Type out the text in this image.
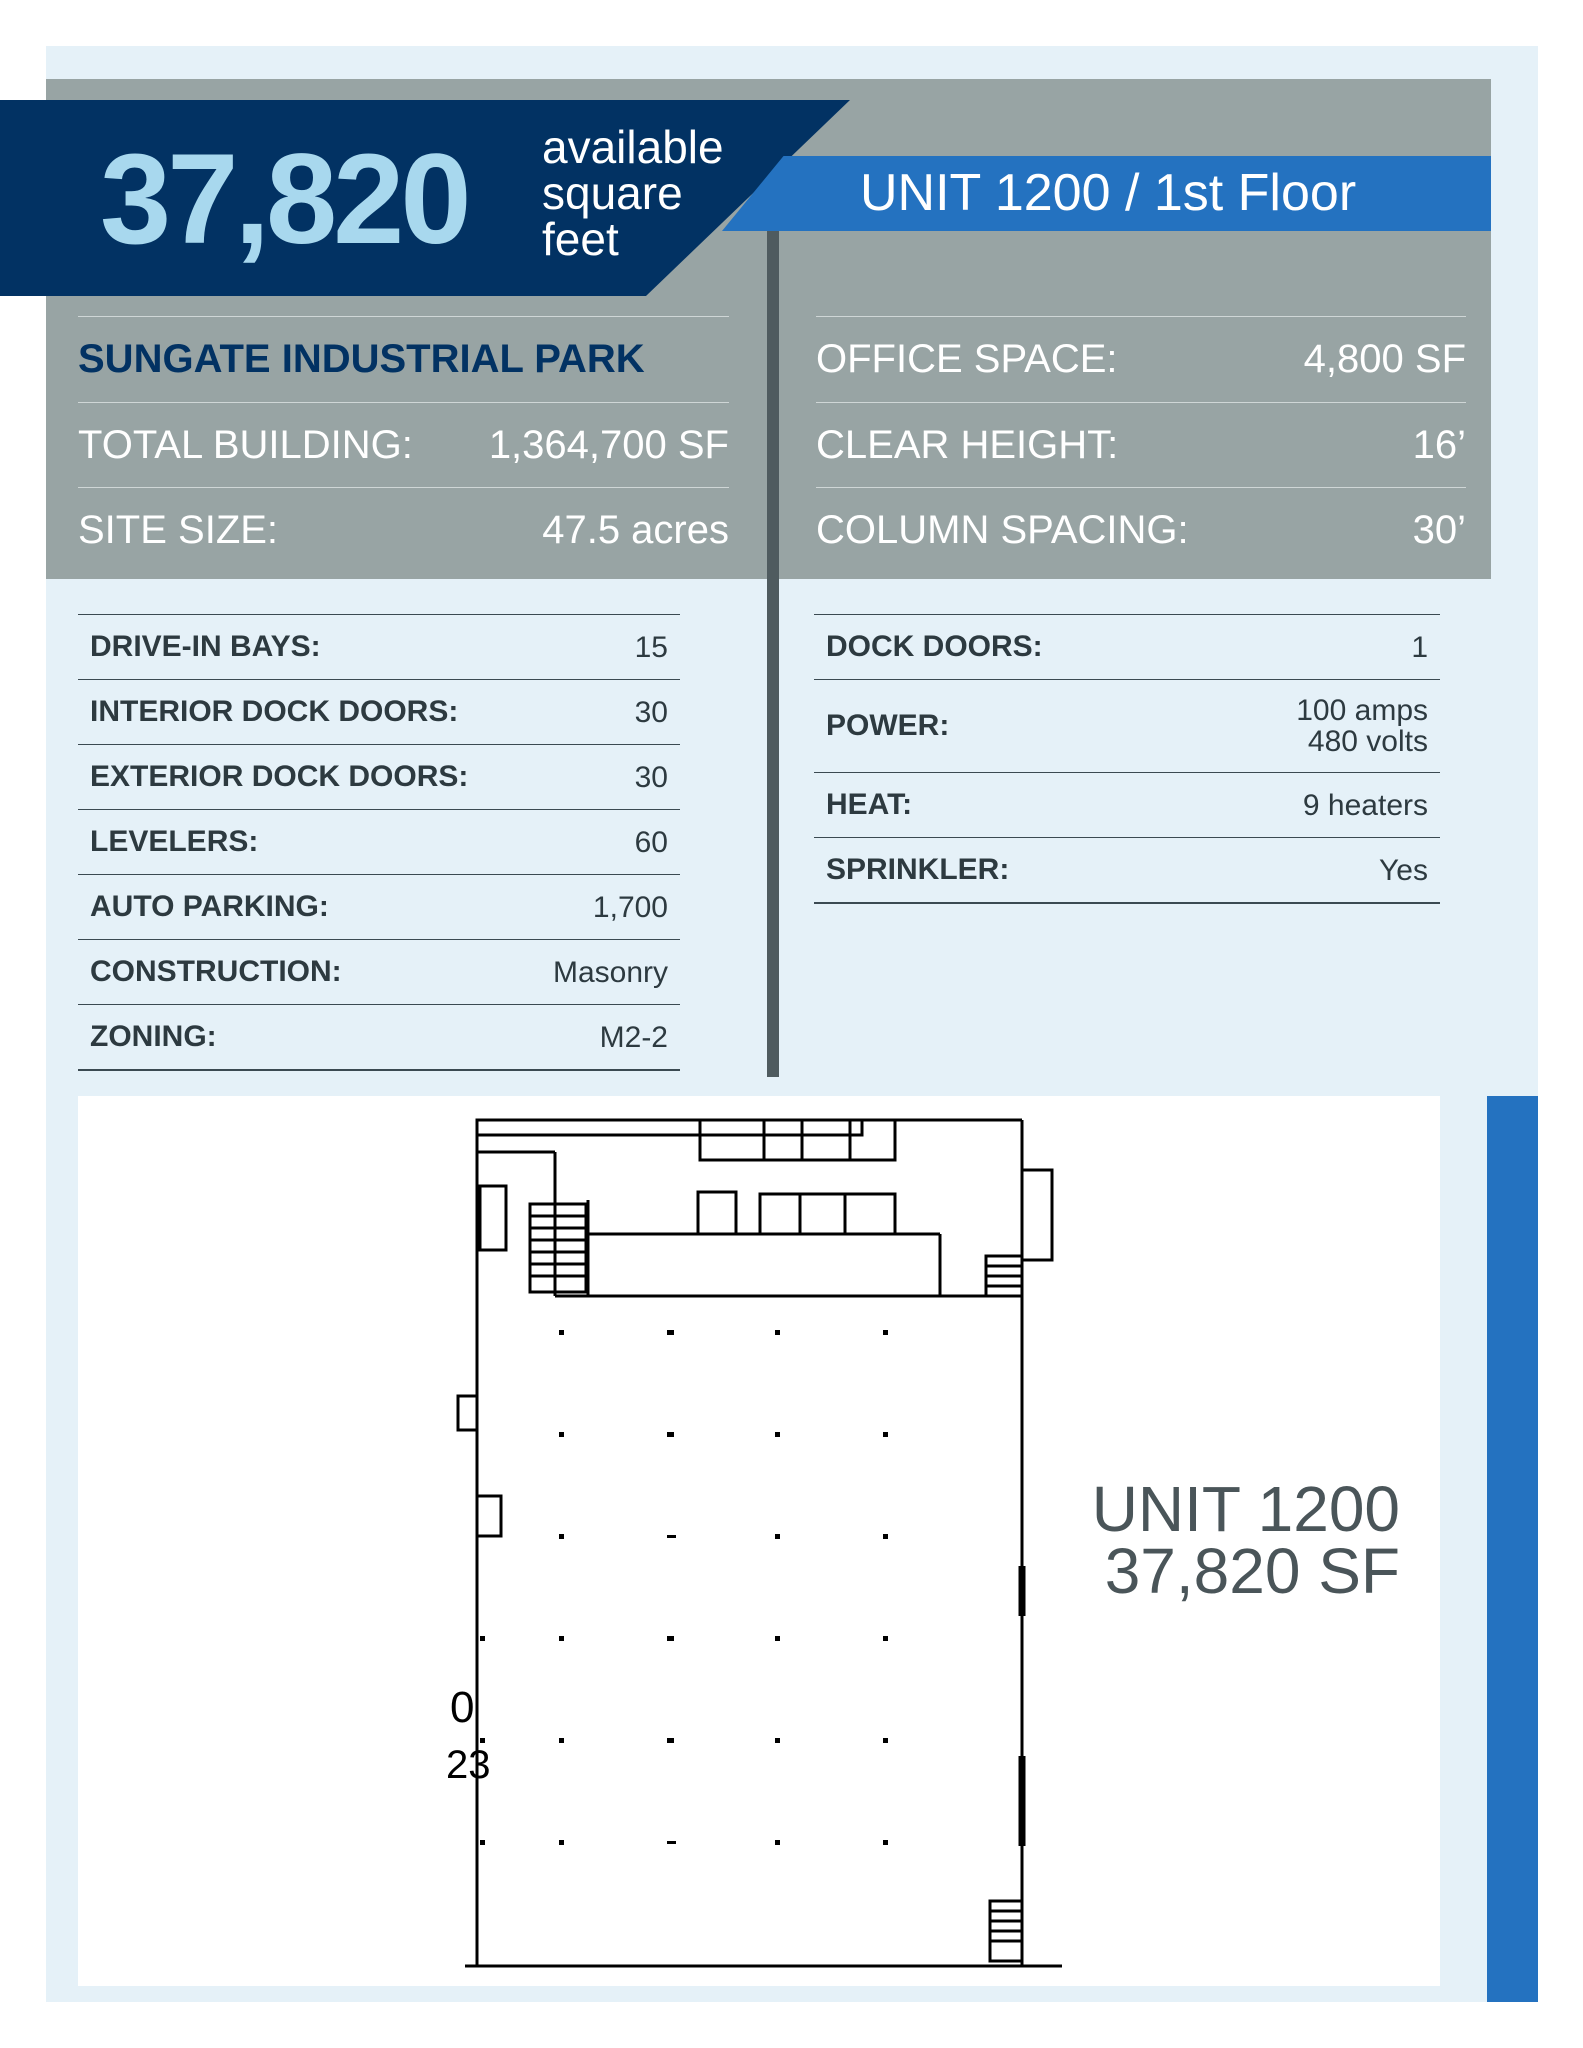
37,820 available
square
feet
UNIT 1200 / 1st Floor
SUNGATE INDUSTRIAL PARK
TOTAL BUILDING: 1,364,700 SF
SITE SIZE:	47.5 acres
OFFICE SPACE:	4,800 SF
CLEAR HEIGHT:	16’
COLUMN SPACING:	30’
DRIVE-IN BAYS:	15
INTERIOR DOCK DOORS:	30
EXTERIOR DOCK DOORS:	30
LEVELERS:	60
AUTO PARKING:	1,700
CONSTRUCTION:	Masonry
ZONING:	M2-2
DOCK DOORS:	1
POWER:	100 amps
480 volts
HEAT:	9 heaters
SPRINKLER:	Yes
0
23
UNIT 1200
37,820 SF
